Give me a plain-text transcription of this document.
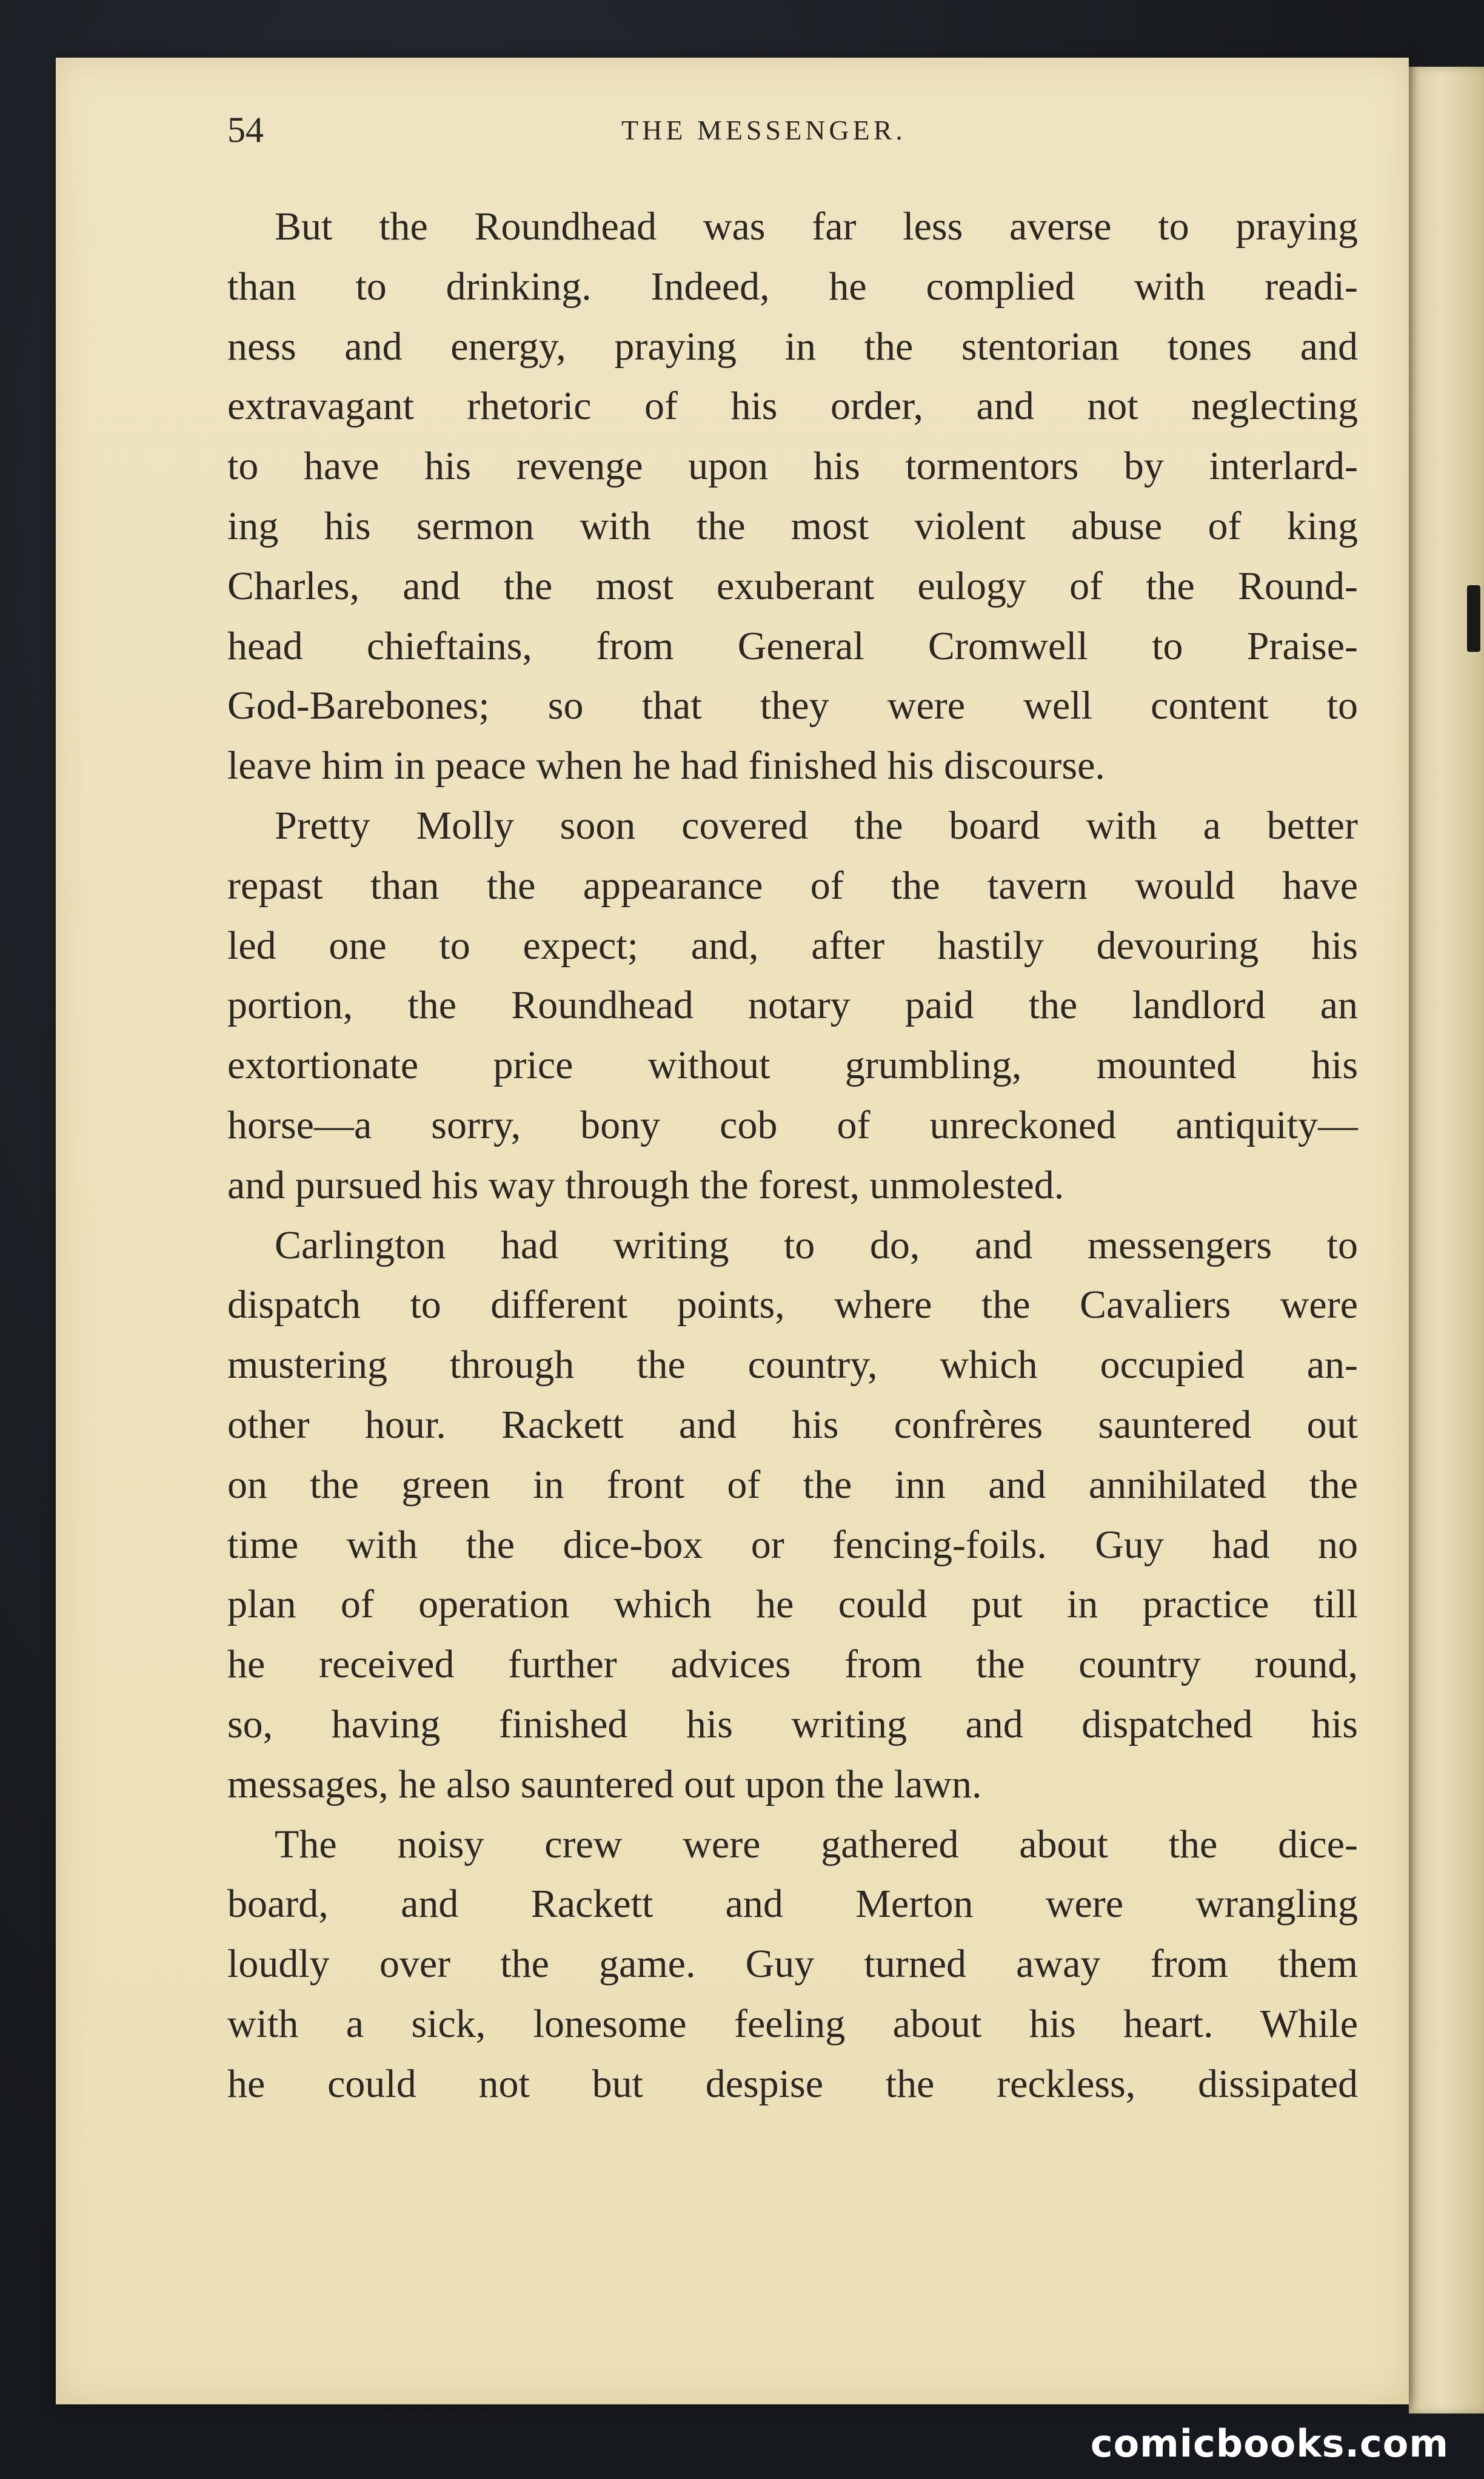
54	THE MESSENGER.
But the Roundhead was far less averse to praying
than to drinking. Indeed, he complied with readi-
ness and energy, praying in the stentorian tones and
extravagant rhetoric of his order, and not neglecting
to have his revenge upon his tormentors by interlard-
ing his sermon with the most violent abuse of king
Charles, and the most exuberant eulogy of the Round-
head chieftains, from General Cromwell to Praise-
God-Barebones; so that they were well content to
leave him in peace when he had finished his discourse.
Pretty Molly soon covered the board with a better
repast than the appearance of the tavern would have
led one to expect; and, after hastily devouring his
portion, the Roundhead notary paid the landlord an
extortionate price without grumbling, mounted his
horse—a sorry, bony cob of unreckoned antiquity—
and pursued his way through the forest, unmolested.
Carlington had writing to do, and messengers to
dispatch to different points, where the Cavaliers were
mustering through the country, which occupied an-
other hour. Rackett and his confrères sauntered out
on the green in front of the inn and annihilated the
time with the dice-box or fencing-foils. Guy had no
plan of operation which he could put in practice till
he received further advices from the country round,
so, having finished his writing and dispatched his
messages, he also sauntered out upon the lawn.
The noisy crew were gathered about the dice-
board, and Rackett and Merton were wrangling
loudly over the game. Guy turned away from them
with a sick, lonesome feeling about his heart. While
he could not but despise the reckless, dissipated
comicbooks.com
